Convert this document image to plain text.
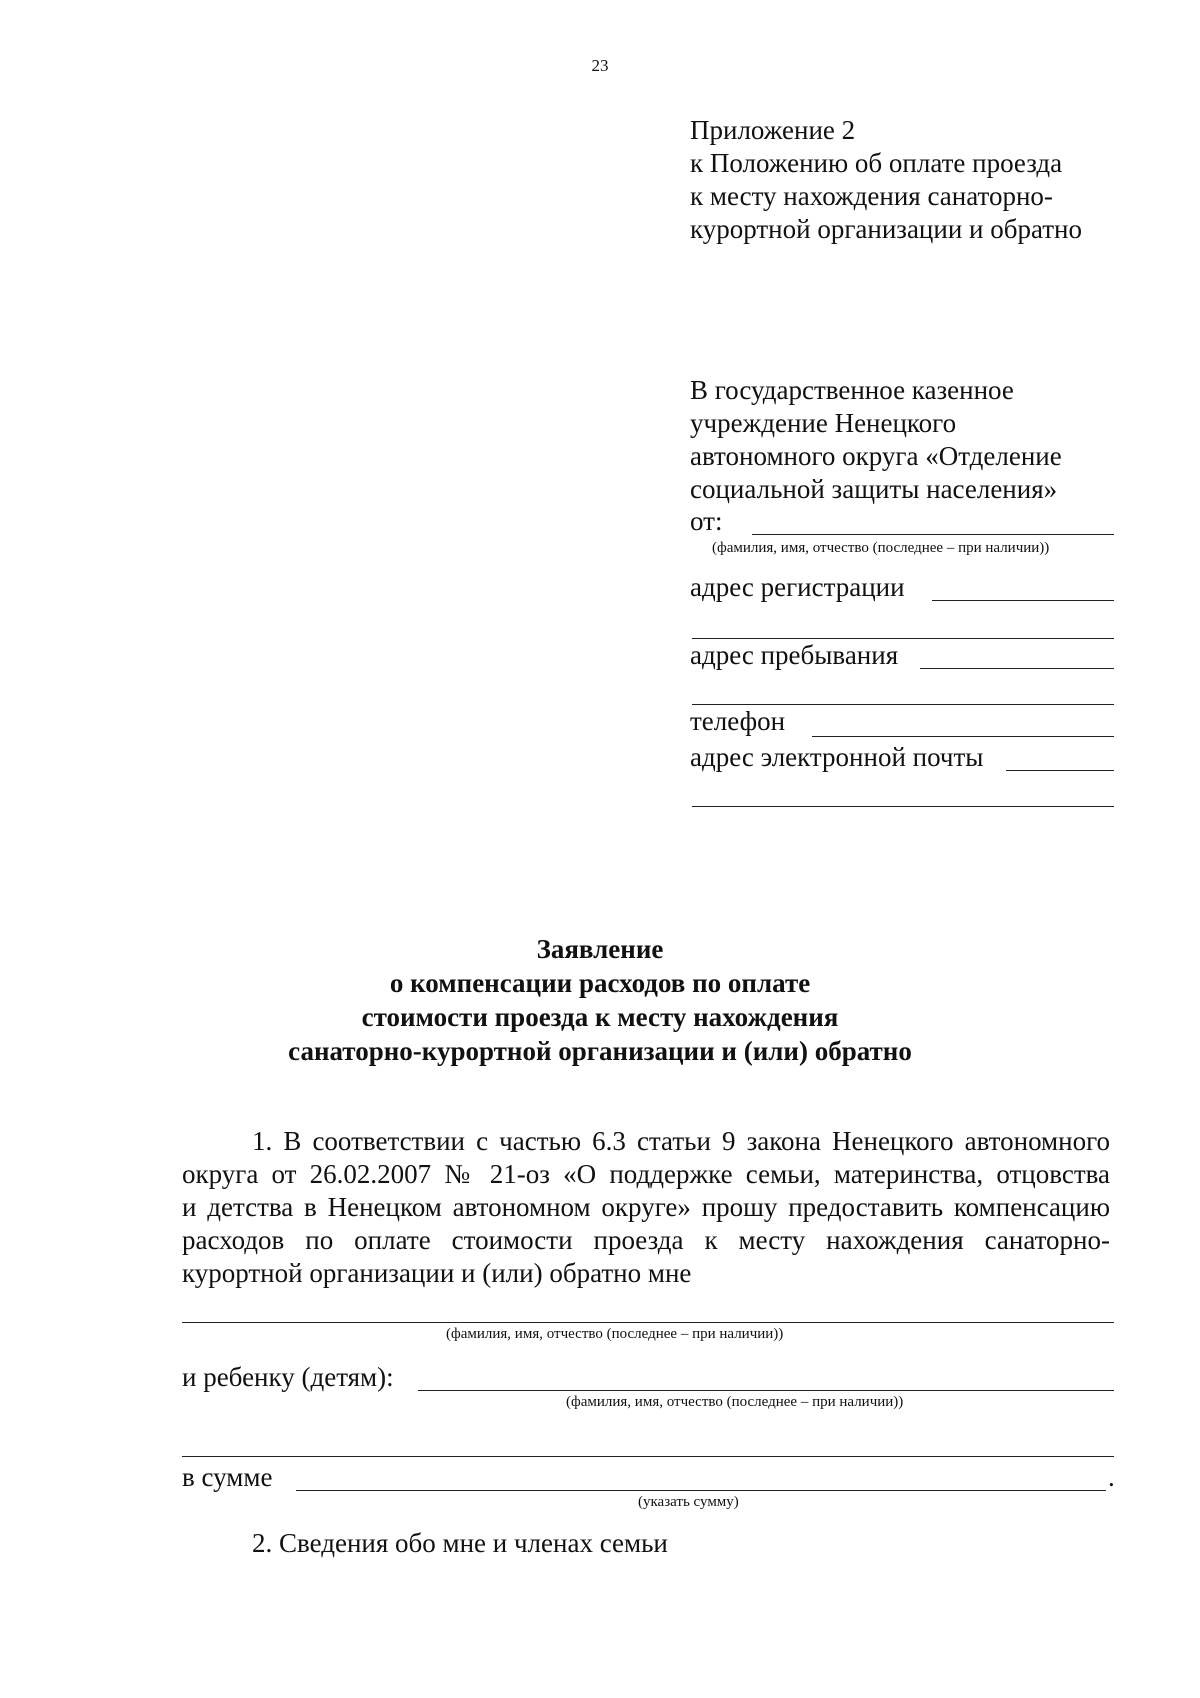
23
Приложение 2
к Положению об оплате проезда
к месту нахождения санаторно-
курортной организации и обратно
В государственное казенное
учреждение Ненецкого
автономного округа «Отделение
социальной защиты населения»
от:
(фамилия, имя, отчество (последнее – при наличии))
адрес регистрации
адрес пребывания
телефон
адрес электронной почты
Заявление
о компенсации расходов по оплате
стоимости проезда к месту нахождения
санаторно-курортной организации и (или) обратно
1. В соответствии с частью 6.3 статьи 9 закона Ненецкого автономного
округа от 26.02.2007 № 21-оз «О поддержке семьи, материнства, отцовства
и детства в Ненецком автономном округе» прошу предоставить компенсацию
расходов по оплате стоимости проезда к месту нахождения санаторно-
курортной организации и (или) обратно мне
(фамилия, имя, отчество (последнее – при наличии))
и ребенку (детям):
(фамилия, имя, отчество (последнее – при наличии))
в сумме	.
(указать сумму)
2. Сведения обо мне и членах семьи
